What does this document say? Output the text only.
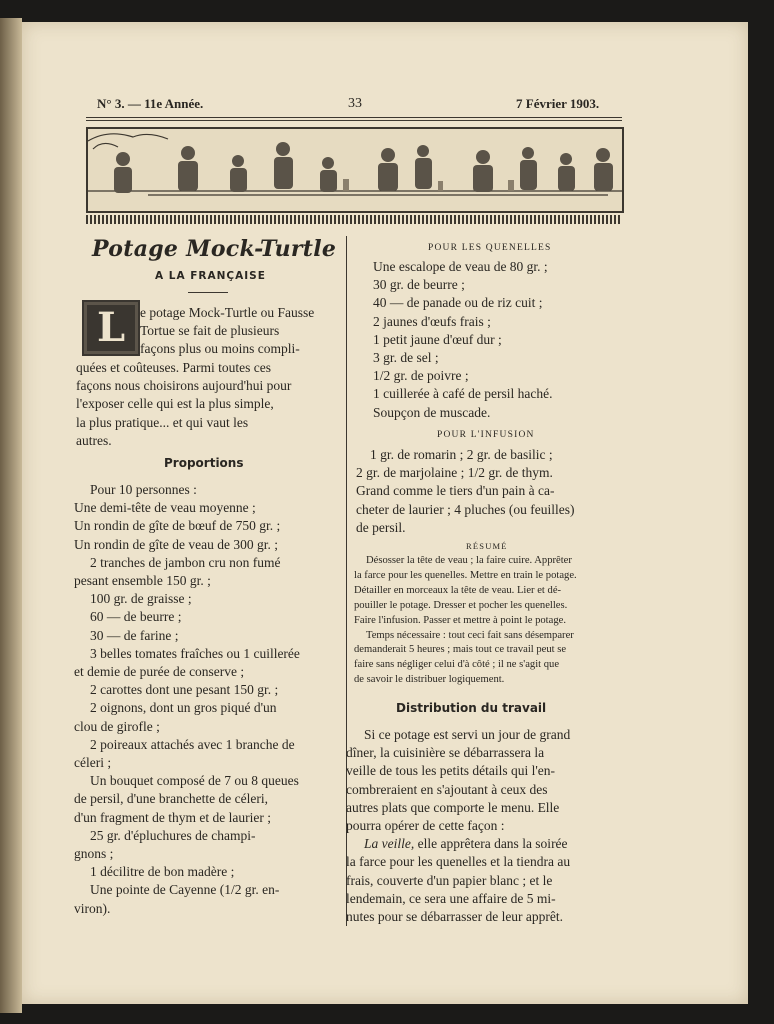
N° 3. — 11e Année.	33	7 Février 1903.
Potage Mock-Turtle
A LA FRANÇAISE
L	e potage Mock-Turtle ou Fausse
Tortue se fait de plusieurs
façons plus ou moins compli-
quées et coûteuses. Parmi toutes ces
façons nous choisirons aujourd'hui pour
l'exposer celle qui est la plus simple,
la plus pratique... et qui vaut les
autres.
Proportions
Pour 10 personnes :
Une demi-tête de veau moyenne ;
Un rondin de gîte de bœuf de 750 gr. ;
Un rondin de gîte de veau de 300 gr. ;
2 tranches de jambon cru non fumé
pesant ensemble 150 gr. ;
100 gr. de graisse ;
60 — de beurre ;
30 — de farine ;
3 belles tomates fraîches ou 1 cuillerée
et demie de purée de conserve ;
2 carottes dont une pesant 150 gr. ;
2 oignons, dont un gros piqué d'un
clou de girofle ;
2 poireaux attachés avec 1 branche de
céleri ;
Un bouquet composé de 7 ou 8 queues
de persil, d'une branchette de céleri,
d'un fragment de thym et de laurier ;
25 gr. d'épluchures de champi-
gnons ;
1 décilitre de bon madère ;
Une pointe de Cayenne (1/2 gr. en-
viron).
POUR LES QUENELLES
Une escalope de veau de 80 gr. ;
30 gr. de beurre ;
40 — de panade ou de riz cuit ;
2 jaunes d'œufs frais ;
1 petit jaune d'œuf dur ;
3 gr. de sel ;
1/2 gr. de poivre ;
1 cuillerée à café de persil haché.
Soupçon de muscade.
POUR L'INFUSION
1 gr. de romarin ; 2 gr. de basilic ;
2 gr. de marjolaine ; 1/2 gr. de thym.
Grand comme le tiers d'un pain à ca-
cheter de laurier ; 4 pluches (ou feuilles)
de persil.
RÉSUMÉ
Désosser la tête de veau ; la faire cuire. Apprêter
la farce pour les quenelles. Mettre en train le potage.
Détailler en morceaux la tête de veau. Lier et dé-
pouiller le potage. Dresser et pocher les quenelles.
Faire l'infusion. Passer et mettre à point le potage.
Temps nécessaire : tout ceci fait sans désemparer
demanderait 5 heures ; mais tout ce travail peut se
faire sans négliger celui d'à côté ; il ne s'agit que
de savoir le distribuer logiquement.
Distribution du travail
Si ce potage est servi un jour de grand
dîner, la cuisinière se débarrassera la
veille de tous les petits détails qui l'en-
combreraient en s'ajoutant à ceux des
autres plats que comporte le menu. Elle
pourra opérer de cette façon :
La veille, elle apprêtera dans la soirée
la farce pour les quenelles et la tiendra au
frais, couverte d'un papier blanc ; et le
lendemain, ce sera une affaire de 5 mi-
nutes pour se débarrasser de leur apprêt.
